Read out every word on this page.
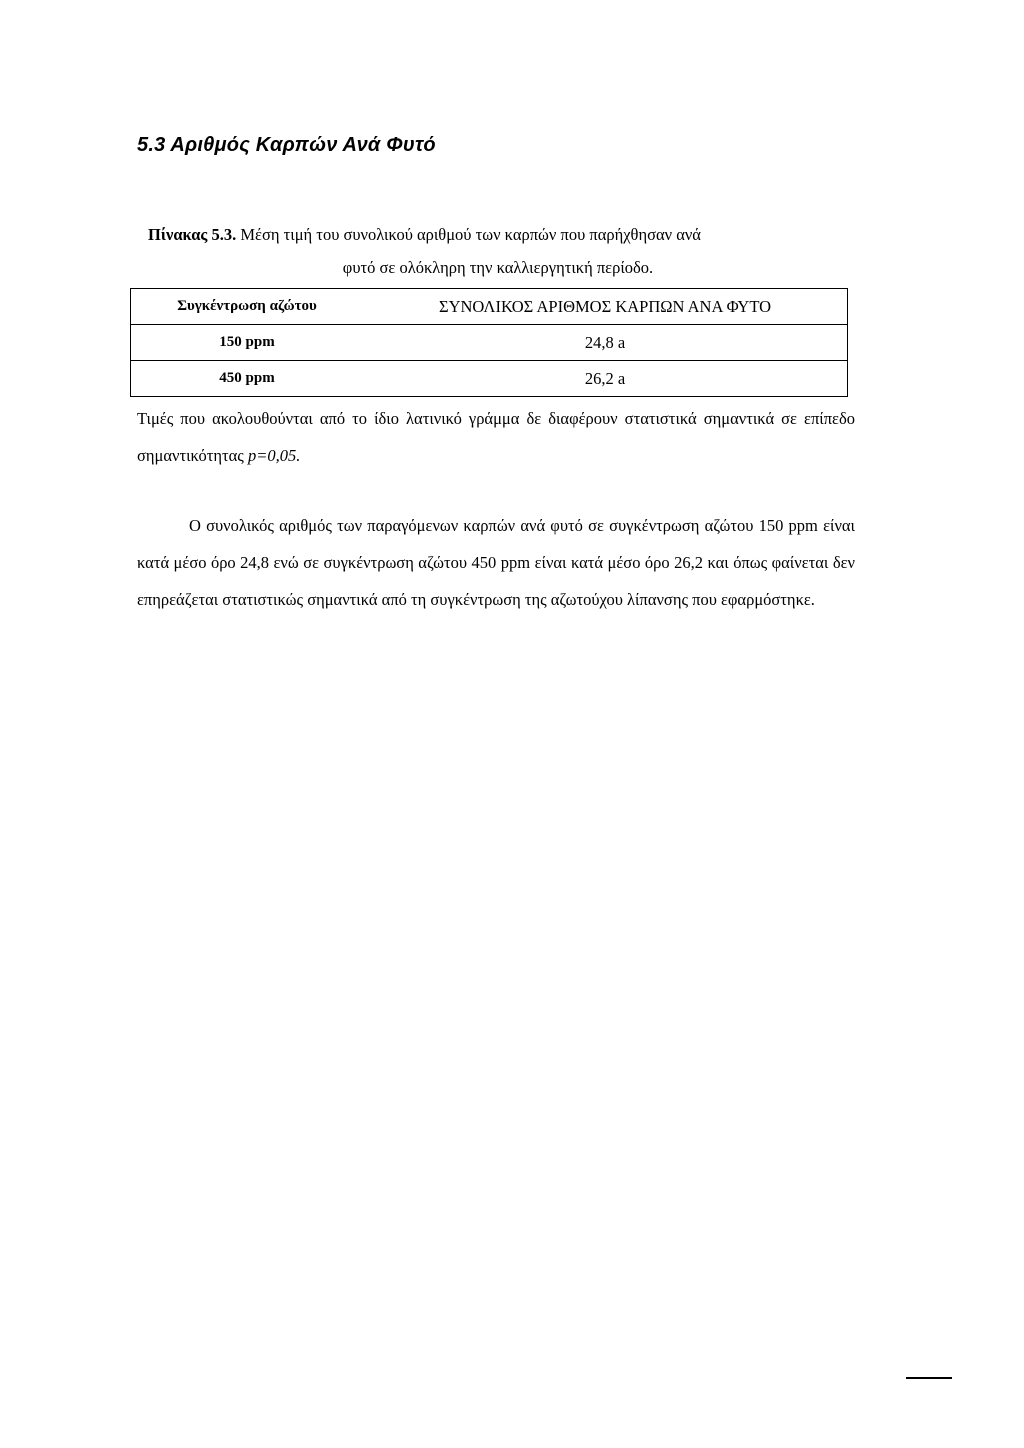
5.3 Αριθμός Καρπών Ανά Φυτό

Πίνακας 5.3. Μέση τιμή του συνολικού αριθμού των καρπών που παρήχθησαν ανά
φυτό σε ολόκληρη την καλλιεργητική περίοδο.

Συγκέντρωση αζώτου	ΣΥΝΟΛΙΚΟΣ ΑΡΙΘΜΟΣ ΚΑΡΠΩΝ ΑΝΑ ΦΥΤΟ
150 ppm	24,8 a
450 ppm	26,2 a

Τιμές που ακολουθούνται από το ίδιο λατινικό γράμμα δε διαφέρουν στατιστικά σημαντικά σε επίπεδο σημαντικότητας p=0,05.

Ο συνολικός αριθμός των παραγόμενων καρπών ανά φυτό σε συγκέντρωση αζώτου 150 ppm είναι κατά μέσο όρο 24,8 ενώ σε συγκέντρωση αζώτου 450 ppm είναι κατά μέσο όρο 26,2 και όπως φαίνεται δεν επηρεάζεται στατιστικώς σημαντικά από τη συγκέντρωση της αζωτούχου λίπανσης που εφαρμόστηκε.
